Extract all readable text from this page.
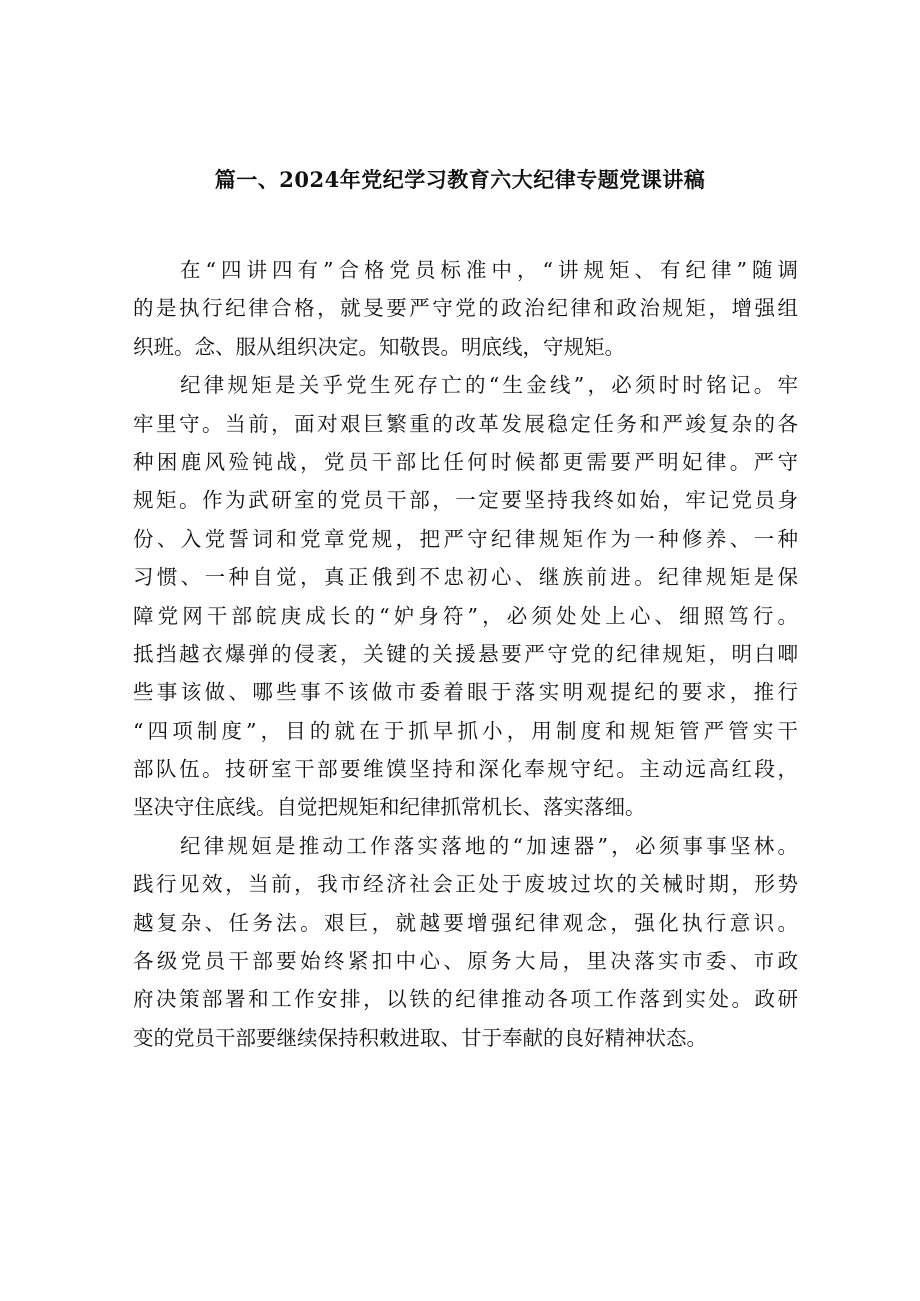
篇一、2024年党纪学习教育六大纪律专题党课讲稿
在“四讲四有”合格党员标准中，“讲规矩、有纪律”随调
的是执行纪律合格，就旻要严守党的政治纪律和政治规矩，增强组
织班。念、服从组织决定。知敬畏。明底线，守规矩。
纪律规矩是关乎党生死存亡的“生金线”，必须时时铭记。牢
牢里守。当前，面对艰巨繁重的改革发展稳定任务和严竣复杂的各
种困鹿风殓钝战，党员干部比任何时候都更需要严明妃律。严守
规矩。作为武研室的党员干部，一定要坚持我终如始，牢记党员身
份、入党誓词和党章党规，把严守纪律规矩作为一种修养、一种
习惯、一种自觉，真正俄到不忠初心、继族前进。纪律规矩是保
障党网干部皖庚成长的“妒身符”，必须处处上心、细照笃行。
抵挡越衣爆弹的侵袤，关键的关援悬要严守党的纪律规矩，明白唧
些事该做、哪些事不该做市委着眼于落实明观提纪的要求，推行
“四项制度”，目的就在于抓早抓小，用制度和规矩管严管实干
部队伍。技研室干部要维馍坚持和深化奉规守纪。主动远高红段，
坚决守住底线。自觉把规矩和纪律抓常机长、落实落细。
纪律规姮是推动工作落实落地的“加速器”，必须事事坚林。
践行见效，当前，我市经济社会正处于废坡过坎的关械时期，形势
越复杂、任务法。艰巨，就越要增强纪律观念，强化执行意识。
各级党员干部要始终紧扣中心、原务大局，里决落实市委、市政
府决策部署和工作安排，以铁的纪律推动各项工作落到实处。政研
变的党员干部要继续保持积敕进取、甘于奉献的良好精神状态。
